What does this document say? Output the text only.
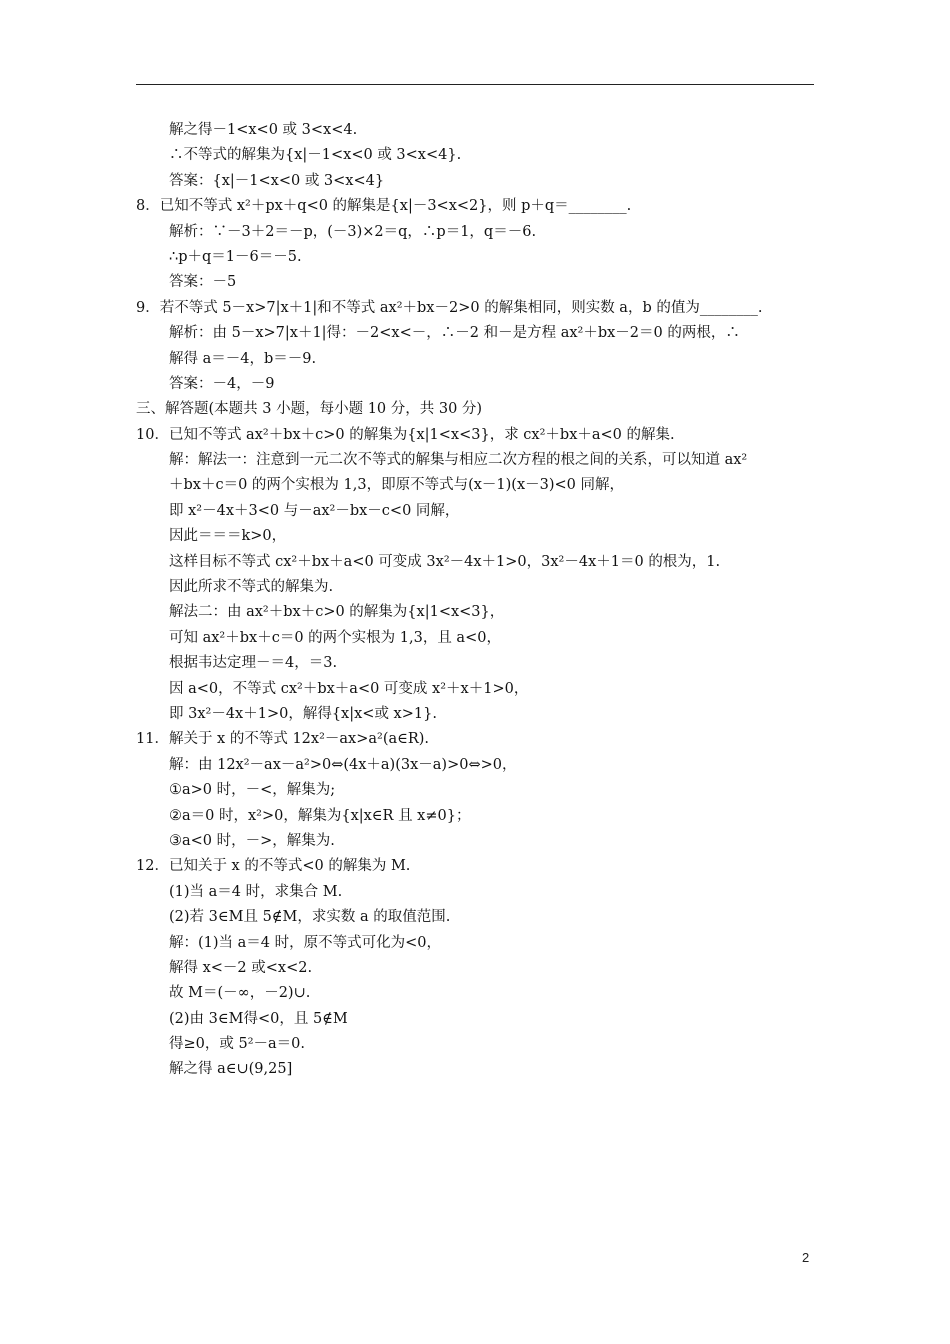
解之得－1<x<0 或 3<x<4.
∴不等式的解集为{x|－1<x<0 或 3<x<4}.
答案：{x|－1<x<0 或 3<x<4}
8．已知不等式 x²＋px＋q<0 的解集是{x|－3<x<2}，则 p＋q＝________.
解析：∵－3＋2＝－p，(－3)×2＝q，∴p＝1，q＝－6.
∴p＋q＝1－6＝－5.
答案：－5
9．若不等式 5－x>7|x＋1|和不等式 ax²＋bx－2>0 的解集相同，则实数 a，b 的值为________.
解析：由 5－x>7|x＋1|得：－2<x<－，∴－2 和－是方程 ax²＋bx－2＝0 的两根，∴
解得 a＝－4，b＝－9.
答案：－4，－9
三、解答题(本题共 3 小题，每小题 10 分，共 30 分)
10．已知不等式 ax²＋bx＋c>0 的解集为{x|1<x<3}，求 cx²＋bx＋a<0 的解集.
解：解法一：注意到一元二次不等式的解集与相应二次方程的根之间的关系，可以知道 ax²
＋bx＋c＝0 的两个实根为 1,3，即原不等式与(x－1)(x－3)<0 同解，
即 x²－4x＋3<0 与－ax²－bx－c<0 同解，
因此＝＝＝k>0，
这样目标不等式 cx²＋bx＋a<0 可变成 3x²－4x＋1>0，3x²－4x＋1＝0 的根为，1.
因此所求不等式的解集为.
解法二：由 ax²＋bx＋c>0 的解集为{x|1<x<3}，
可知 ax²＋bx＋c＝0 的两个实根为 1,3，且 a<0，
根据韦达定理－＝4，＝3.
因 a<0，不等式 cx²＋bx＋a<0 可变成 x²＋x＋1>0，
即 3x²－4x＋1>0，解得{x|x<或 x>1}.
11．解关于 x 的不等式 12x²－ax>a²(a∈R).
解：由 12x²－ax－a²>0⇔(4x＋a)(3x－a)>0⇔>0，
①a>0 时，－<，解集为;
②a＝0 时，x²>0，解集为{x|x∈R 且 x≠0}；
③a<0 时，－>，解集为.
12．已知关于 x 的不等式<0 的解集为 M.
(1)当 a＝4 时，求集合 M.
(2)若 3∈M且 5∉M，求实数 a 的取值范围.
解：(1)当 a＝4 时，原不等式可化为<0，
解得 x<－2 或<x<2.
故 M＝(－∞，－2)∪.
(2)由 3∈M得<0，且 5∉M
得≥0，或 5²－a＝0.
解之得 a∈∪(9,25]
2
